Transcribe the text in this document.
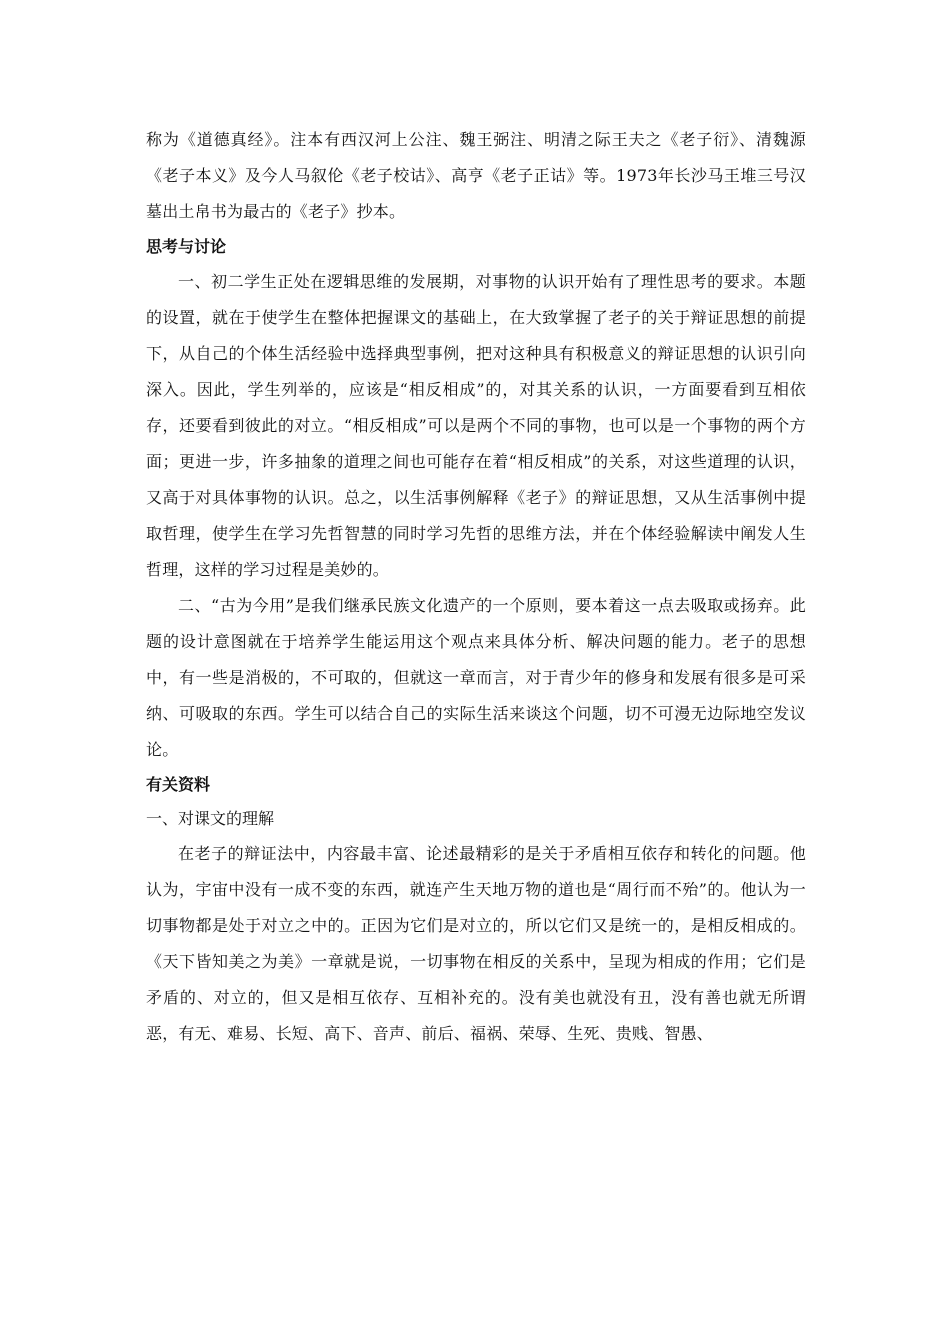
称为《道德真经》。注本有西汉河上公注、魏王弼注、明清之际王夫之《老子衍》、清魏源《老子本义》及今人马叙伦《老子校诂》、高亨《老子正诂》等。1973年长沙马王堆三号汉墓出土帛书为最古的《老子》抄本。

思考与讨论

一、初二学生正处在逻辑思维的发展期，对事物的认识开始有了理性思考的要求。本题的设置，就在于使学生在整体把握课文的基础上，在大致掌握了老子的关于辩证思想的前提下，从自己的个体生活经验中选择典型事例，把对这种具有积极意义的辩证思想的认识引向深入。因此，学生列举的，应该是“相反相成”的，对其关系的认识，一方面要看到互相依存，还要看到彼此的对立。“相反相成”可以是两个不同的事物，也可以是一个事物的两个方面；更进一步，许多抽象的道理之间也可能存在着“相反相成”的关系，对这些道理的认识，又高于对具体事物的认识。总之，以生活事例解释《老子》的辩证思想，又从生活事例中提取哲理，使学生在学习先哲智慧的同时学习先哲的思维方法，并在个体经验解读中阐发人生哲理，这样的学习过程是美妙的。

二、“古为今用”是我们继承民族文化遗产的一个原则，要本着这一点去吸取或扬弃。此题的设计意图就在于培养学生能运用这个观点来具体分析、解决问题的能力。老子的思想中，有一些是消极的，不可取的，但就这一章而言，对于青少年的修身和发展有很多是可采纳、可吸取的东西。学生可以结合自己的实际生活来谈这个问题，切不可漫无边际地空发议论。

有关资料

一、对课文的理解

在老子的辩证法中，内容最丰富、论述最精彩的是关于矛盾相互依存和转化的问题。他认为，宇宙中没有一成不变的东西，就连产生天地万物的道也是“周行而不殆”的。他认为一切事物都是处于对立之中的。正因为它们是对立的，所以它们又是统一的，是相反相成的。《天下皆知美之为美》一章就是说，一切事物在相反的关系中，呈现为相成的作用；它们是矛盾的、对立的，但又是相互依存、互相补充的。没有美也就没有丑，没有善也就无所谓恶，有无、难易、长短、高下、音声、前后、福祸、荣辱、生死、贵贱、智愚、
